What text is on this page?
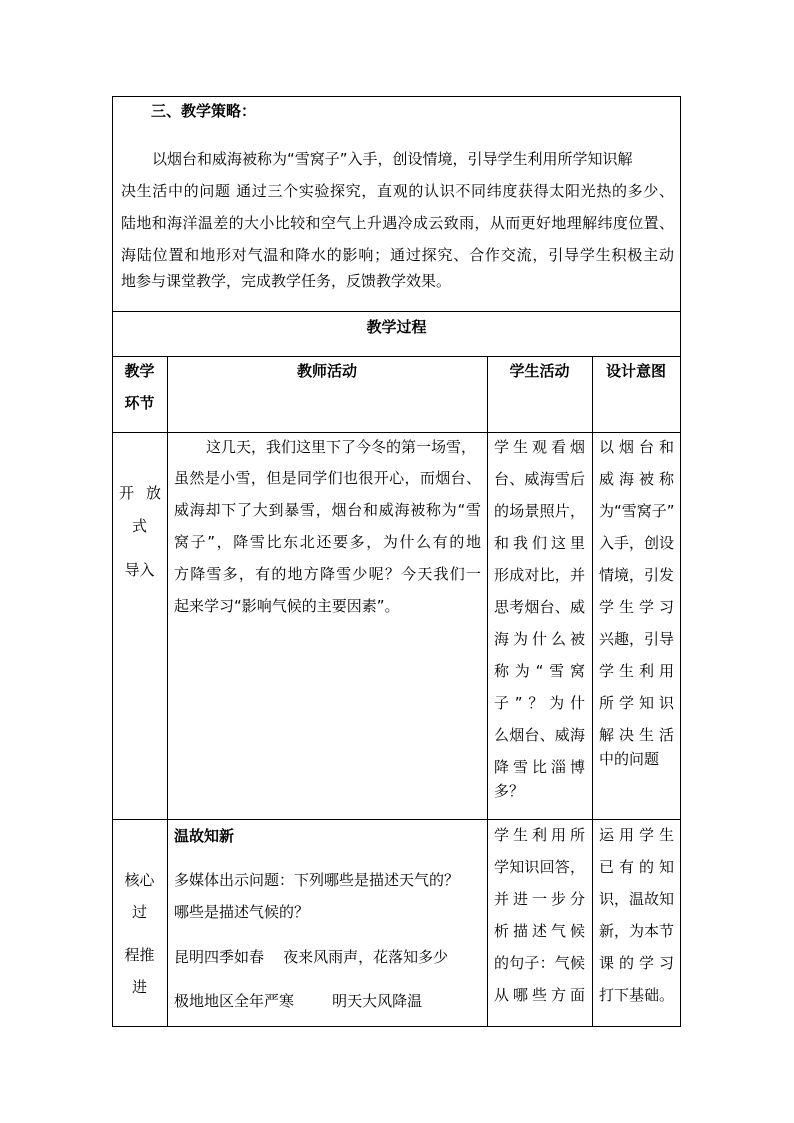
三、教学策略：
以烟台和威海被称为“雪窝子”入手，创设情境，引导学生利用所学知识解
决生活中的问题 通过三个实验探究，直观的认识不同纬度获得太阳光热的多少、
陆地和海洋温差的大小比较和空气上升遇冷成云致雨，从而更好地理解纬度位置、
海陆位置和地形对气温和降水的影响；通过探究、合作交流，引导学生积极主动
地参与课堂教学，完成教学任务，反馈教学效果。
教学过程
教学
环节
教师活动	学生活动	设计意图
开 放
式
导入
这几天，我们这里下了今冬的第一场雪，
虽然是小雪，但是同学们也很开心，而烟台、
威海却下了大到暴雪，烟台和威海被称为“雪
窝子”，降雪比东北还要多，为什么有的地
方降雪多，有的地方降雪少呢？今天我们一
起来学习“影响气候的主要因素”。
学生观看烟
台、威海雪后
的场景照片，
和我们这里
形成对比，并
思考烟台、威
海为什么被
称为“雪窝
子”？为什
么烟台、威海
降雪比淄博
多？
以烟台和
威海被称
为“雪窝子”
入手，创设
情境，引发
学生学习
兴趣，引导
学生利用
所学知识
解决生活
中的问题
核心
过
程推
进
温故知新
多媒体出示问题：下列哪些是描述天气的？
哪些是描述气候的？
昆明四季如春    夜来风雨声，花落知多少
极地地区全年严寒        明天大风降温
学生利用所
学知识回答，
并进一步分
析描述气候
的句子：气候
从哪些方面
运用学生
已有的知
识，温故知
新，为本节
课的学习
打下基础。
